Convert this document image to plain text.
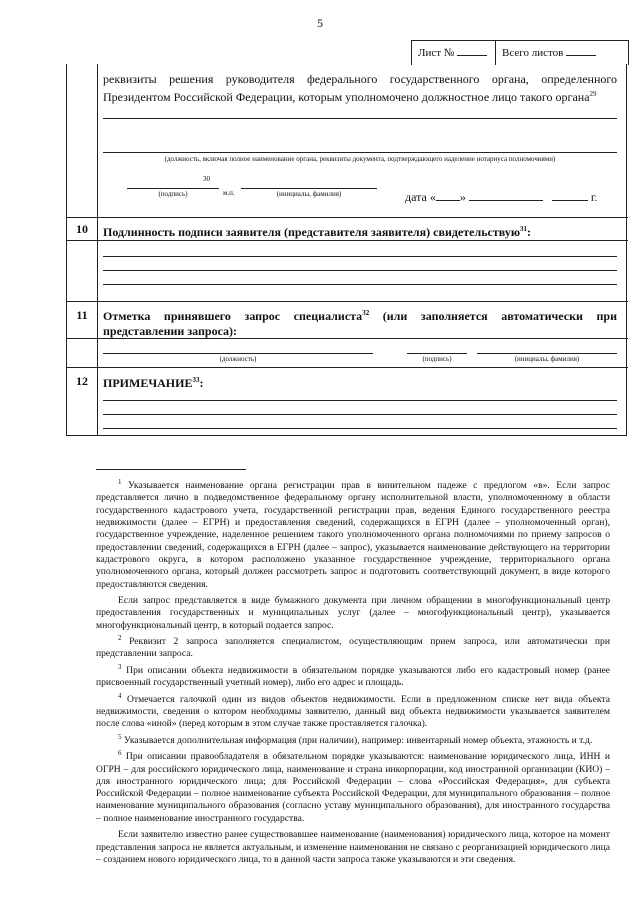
5
Лист №	Всего листов
реквизиты решения руководителя федерального государственного органа, определенного Президентом Российской Федерации, которым уполномочено должностное лицо такого органа$^{29}$
(должность, включая полное наименование органа, реквизиты документа, подтверждающего наделение нотариуса полномочиями)
30
(подпись)	м.п.	(инициалы, фамилия)	дата « »	г.
10	Подлинность подписи заявителя (представителя заявителя) свидетельствую$^{31}$:
11	Отметка принявшего запрос специалиста$^{32}$ (или заполняется автоматически при представлении запроса):
(должность)	(подпись)	(инициалы, фамилия)
12	ПРИМЕЧАНИЕ$^{33}$:

$^1$ Указывается наименование органа регистрации прав в винительном падеже с предлогом «в». Если запрос представляется лично в подведомственное федеральному органу исполнительной власти, уполномоченному в области государственного кадастрового учета, государственной регистрации прав, ведения Единого государственного реестра недвижимости (далее – ЕГРН) и предоставления сведений, содержащихся в ЕГРН (далее – уполномоченный орган), государственное учреждение, наделенное решением такого уполномоченного органа полномочиями по приему запросов о предоставлении сведений, содержащихся в ЕГРН (далее – запрос), указывается наименование действующего на территории кадастрового округа, в котором расположено указанное государственное учреждение, территориального органа уполномоченного органа, который должен рассмотреть запрос и подготовить соответствующий документ, в виде которого предоставляются сведения.

Если запрос представляется в виде бумажного документа при личном обращении в многофункциональный центр предоставления государственных и муниципальных услуг (далее – многофункциональный центр), указывается многофункциональный центр, в который подается запрос.

$^2$ Реквизит 2 запроса заполняется специалистом, осуществляющим прием запроса, или автоматически при представлении запроса.

$^3$ При описании объекта недвижимости в обязательном порядке указываются либо его кадастровый номер (ранее присвоенный государственный учетный номер), либо его адрес и площадь.

$^4$ Отмечается галочкой один из видов объектов недвижимости. Если в предложенном списке нет вида объекта недвижимости, сведения о котором необходимы заявителю, данный вид объекта недвижимости указывается заявителем после слова «иной» (перед которым в этом случае также проставляется галочка).

$^5$ Указывается дополнительная информация (при наличии), например: инвентарный номер объекта, этажность и т.д.

$^6$ При описании правообладателя в обязательном порядке указываются: наименование юридического лица, ИНН и ОГРН – для российского юридического лица, наименование и страна инкорпорации, код иностранной организации (КИО) – для иностранного юридического лица; для Российской Федерации – слова «Российская Федерация», для субъекта Российской Федерации – полное наименование субъекта Российской Федерации, для муниципального образования – полное наименование муниципального образования (согласно уставу муниципального образования), для иностранного государства – полное наименование иностранного государства.

Если заявителю известно ранее существовавшее наименование (наименования) юридического лица, которое на момент представления запроса не является актуальным, и изменение наименования не связано с реорганизацией юридического лица – созданием нового юридического лица, то в данной части запроса также указываются и эти сведения.
